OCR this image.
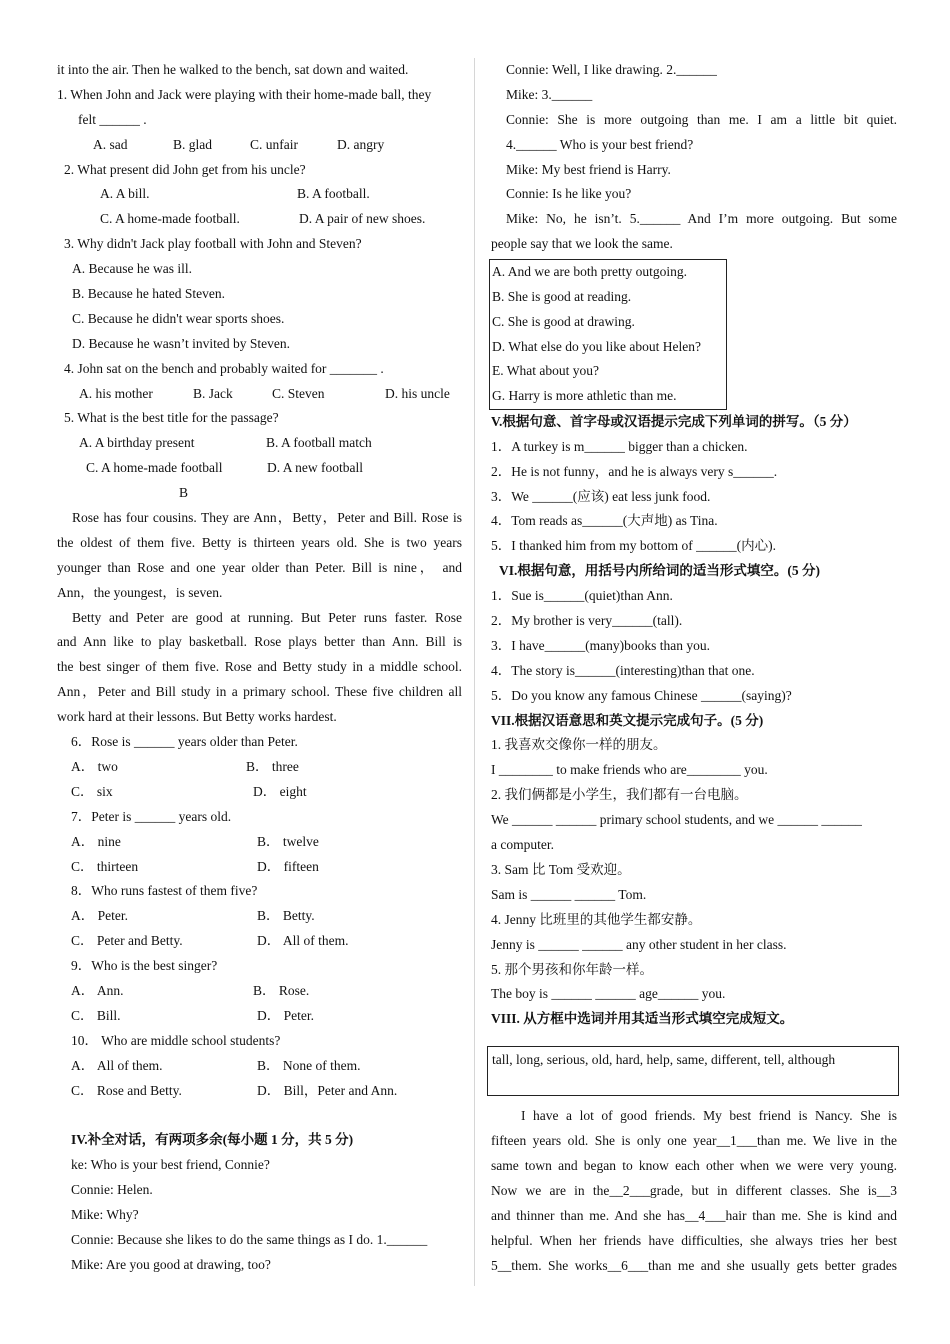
it into the air. Then he walked to the bench, sat down and waited.
1. When John and Jack were playing with their home-made ball, they
felt ______ .
A. sad	B. glad	C. unfair	D. angry
2. What present did John get from his uncle?
A. A bill.	B. A football.
C. A home-made football.	D. A pair of new shoes.
3. Why didn't Jack play football with John and Steven?
A. Because he was ill.
B. Because he hated Steven.
C. Because he didn't wear sports shoes.
D. Because he wasn’t invited by Steven.
4. John sat on the bench and probably waited for _______ .
A. his mother	B. Jack	C. Steven	D. his uncle
5. What is the best title for the passage?
A. A birthday present	B. A football match
C. A home-made football	D. A new football
B
Rose has four cousins. They are Ann，Betty，Peter and Bill. Rose is
the oldest of them five. Betty is thirteen years old. She is two years
younger than Rose and one year older than Peter. Bill is nine， and
Ann，the youngest，is seven.
Betty and Peter are good at running. But Peter runs faster. Rose
and Ann like to play basketball. Rose plays better than Ann. Bill is
the best singer of them five. Rose and Betty study in a middle school.
Ann，Peter and Bill study in a primary school. These five children all
work hard at their lessons. But Betty works hardest.
6．Rose is ______ years older than Peter.
A． two	B． three
C． six	D． eight
7．Peter is ______ years old.
A． nine	B． twelve
C． thirteen	D． fifteen
8．Who runs fastest of them five?
A． Peter.	B． Betty.
C． Peter and Betty.	D． All of them.
9．Who is the best singer?
A． Ann.	B． Rose.
C． Bill.	D． Peter.
10． Who are middle school students?
A． All of them.	B． None of them.
C． Rose and Betty.	D． Bill，Peter and Ann.
IV.补全对话，有两项多余(每小题 1 分，共 5 分)
ke: Who is your best friend, Connie?
Connie: Helen.
Mike: Why?
Connie: Because she likes to do the same things as I do. 1.______
Mike: Are you good at drawing, too?
Connie: Well, I like drawing. 2.______
Mike: 3.______
Connie: She is more outgoing than me. I am a little bit quiet.
4.______ Who is your best friend?
Mike: My best friend is Harry.
Connie: Is he like you?
Mike: No, he isn’t. 5.______ And I’m more outgoing. But some
people say that we look the same.
A. And we are both pretty outgoing.
B. She is good at reading.
C. She is good at drawing.
D. What else do you like about Helen?
E. What about you?
G. Harry is more athletic than me.
V.根据句意、首字母或汉语提示完成下列单词的拼写。（5 分）
1．A turkey is m______ bigger than a chicken.
2．He is not funny，and he is always very s______.
3．We ______(应该) eat less junk food.
4．Tom reads as______(大声地) as Tina.
5．I thanked him from my bottom of ______(内心).
VI.根据句意，用括号内所给词的适当形式填空。(5 分)
1．Sue is______(quiet)than Ann.
2．My brother is very______(tall).
3．I have______(many)books than you.
4．The story is______(interesting)than that one.
5．Do you know any famous Chinese ______(saying)?
VII.根据汉语意思和英文提示完成句子。(5 分)
1. 我喜欢交像你一样的朋友。
I ________ to make friends who are________ you.
2. 我们俩都是小学生，我们都有一台电脑。
We ______ ______ primary school students, and we ______ ______
a computer.
3. Sam 比 Tom 受欢迎。
Sam is ______ ______ Tom.
4. Jenny 比班里的其他学生都安静。
Jenny is ______ ______ any other student in her class.
5. 那个男孩和你年龄一样。
The boy is ______ ______ age______ you.
VIII. 从方框中选词并用其适当形式填空完成短文。
tall, long, serious, old, hard, help, same, different, tell, although
I have a lot of good friends. My best friend is Nancy. She is
fifteen years old. She is only one year__1___than me. We live in the
same town and began to know each other when we were very young.
Now we are in the__2___grade, but in different classes. She is__3
and thinner than me. And she has__4___hair than me. She is kind and
helpful. When her friends have difficulties, she always tries her best
5__them. She works__6___than me and she usually gets better grades
